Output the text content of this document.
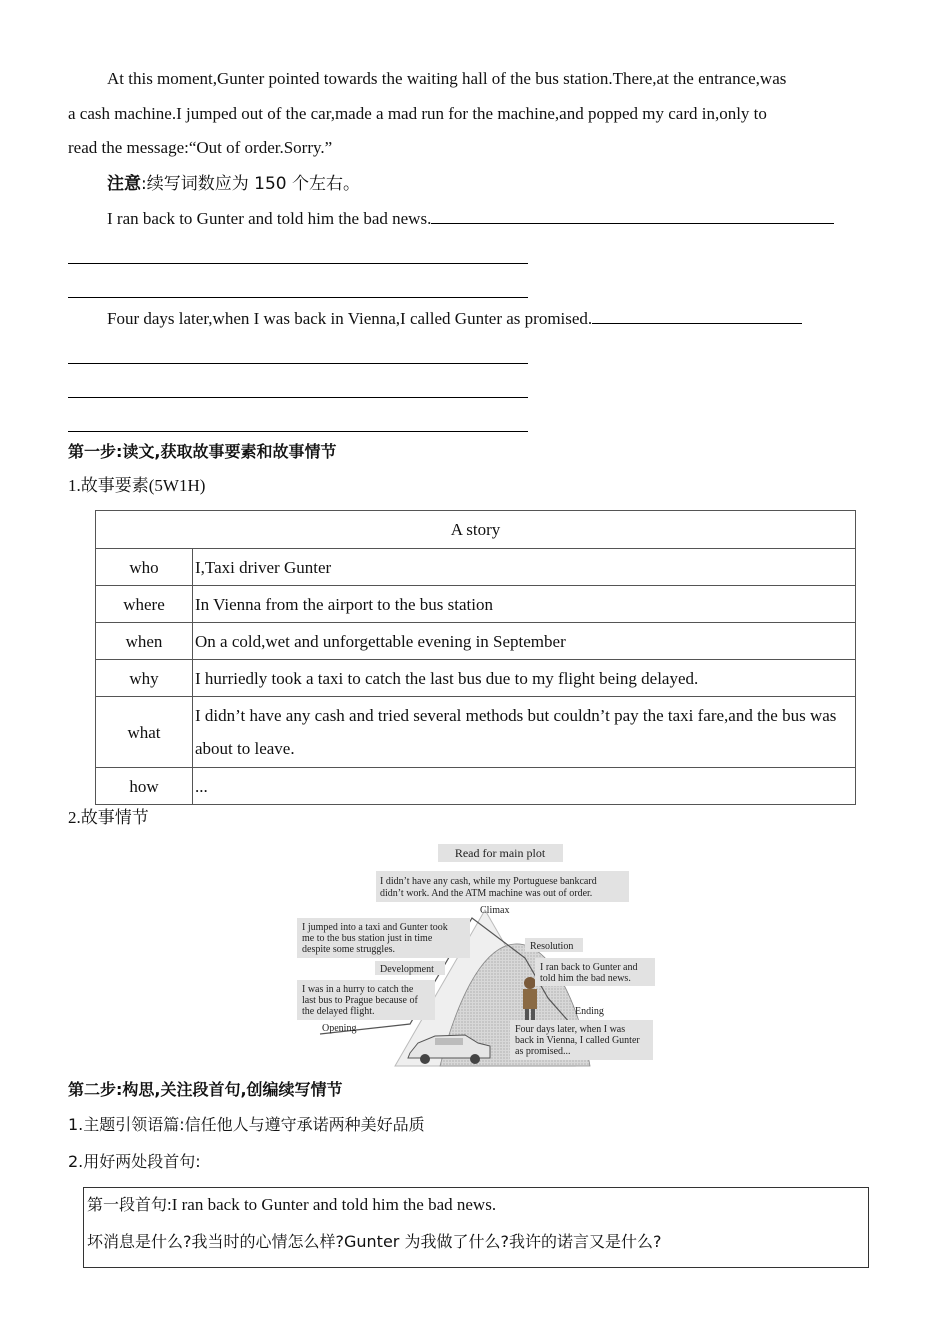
At this moment,Gunter pointed towards the waiting hall of the bus station.There,at the entrance,was

a cash machine.I jumped out of the car,made a mad run for the machine,and popped my card in,only to

read the message:“Out of order.Sorry.”

注意:续写词数应为 150 个左右。

I ran back to Gunter and told him the bad news.

Four days later,when I was back in Vienna,I called Gunter as promised.

第一步:读文,获取故事要素和故事情节

1.故事要素(5W1H)

A story	
who	I,Taxi driver Gunter
where	In Vienna from the airport to the bus station
when	On a cold,wet and unforgettable evening in September
why	I hurriedly took a taxi to catch the last bus due to my flight being delayed.
what	I didn’t have any cash and tried several methods but couldn’t pay the taxi fare,and the bus was about to leave.
how	...

2.故事情节

Read for main plot
I didn’t have any cash, while my Portuguese bankcard
didn’t work. And the ATM machine was out of order.
Climax
I jumped into a taxi and Gunter took
me to the bus station just in time
despite some struggles.
Development
I was in a hurry to catch the
last bus to Prague because of
the delayed flight.
Opening
Resolution
I ran back to Gunter and
told him the bad news.
Ending
Four days later, when I was
back in Vienna, I called Gunter
as promised...

第二步:构思,关注段首句,创编续写情节

1.主题引领语篇:信任他人与遵守承诺两种美好品质

2.用好两处段首句:

第一段首句:I ran back to Gunter and told him the bad news.
坏消息是什么?我当时的心情怎么样?Gunter 为我做了什么?我许的诺言又是什么?
